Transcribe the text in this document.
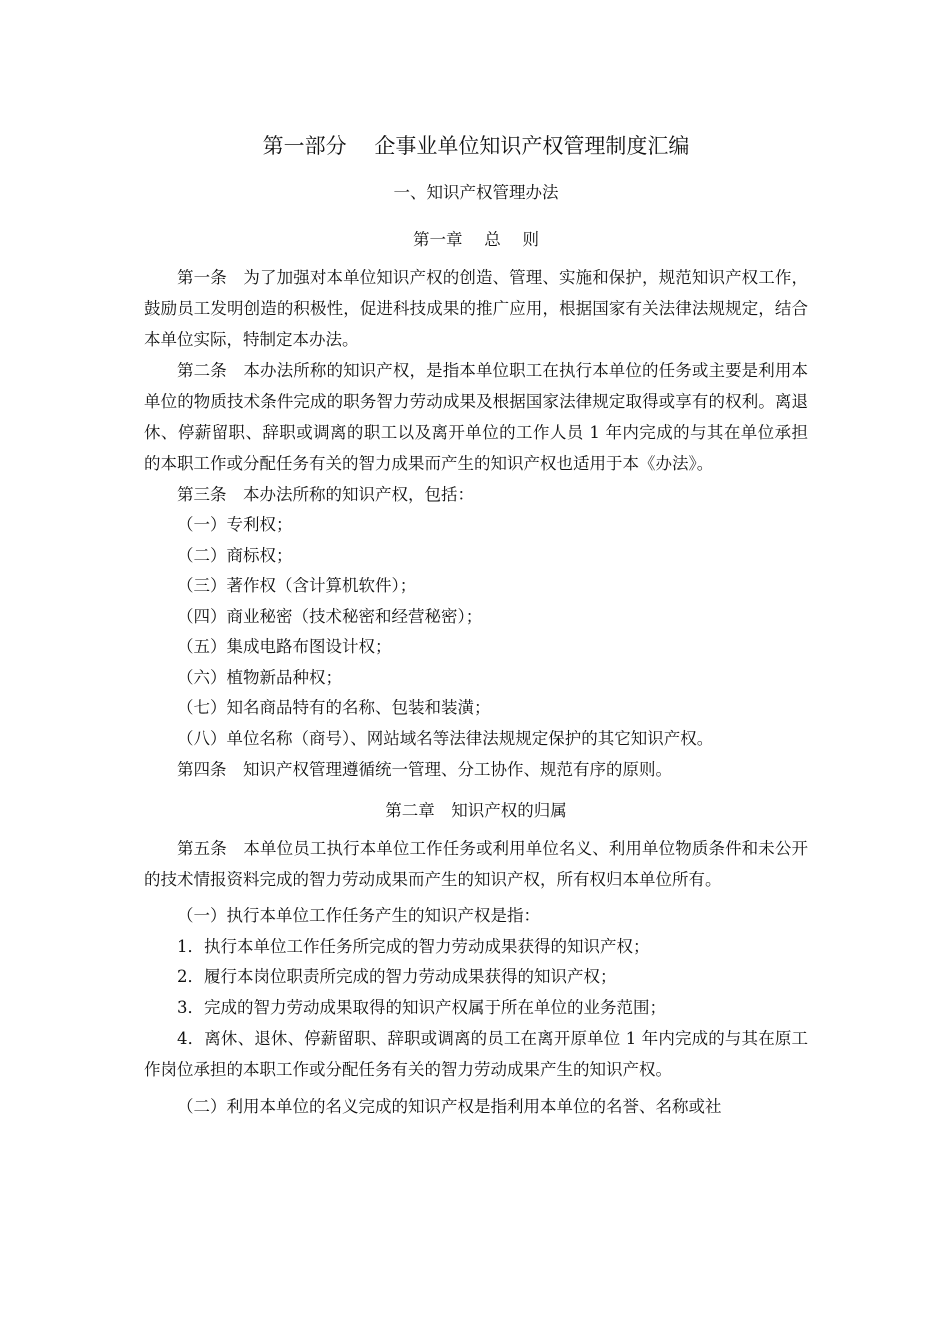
第一部分　 企事业单位知识产权管理制度汇编
一、知识产权管理办法
第一章　 总　 则

第一条　为了加强对本单位知识产权的创造、管理、实施和保护，规范知识产权工作，鼓励员工发明创造的积极性，促进科技成果的推广应用，根据国家有关法律法规规定，结合本单位实际，特制定本办法。

第二条　本办法所称的知识产权，是指本单位职工在执行本单位的任务或主要是利用本单位的物质技术条件完成的职务智力劳动成果及根据国家法律规定取得或享有的权利。离退休、停薪留职、辞职或调离的职工以及离开单位的工作人员 1 年内完成的与其在单位承担的本职工作或分配任务有关的智力成果而产生的知识产权也适用于本《办法》。

第三条　本办法所称的知识产权，包括：

（一）专利权；

（二）商标权；

（三）著作权（含计算机软件）；

（四）商业秘密（技术秘密和经营秘密）；

（五）集成电路布图设计权；

（六）植物新品种权；

（七）知名商品特有的名称、包装和装潢；

（八）单位名称（商号）、网站域名等法律法规规定保护的其它知识产权。

第四条　知识产权管理遵循统一管理、分工协作、规范有序的原则。

第二章　知识产权的归属

第五条　本单位员工执行本单位工作任务或利用单位名义、利用单位物质条件和未公开的技术情报资料完成的智力劳动成果而产生的知识产权，所有权归本单位所有。

（一）执行本单位工作任务产生的知识产权是指：

1．执行本单位工作任务所完成的智力劳动成果获得的知识产权；

2．履行本岗位职责所完成的智力劳动成果获得的知识产权；

3．完成的智力劳动成果取得的知识产权属于所在单位的业务范围；

4．离休、退休、停薪留职、辞职或调离的员工在离开原单位 1 年内完成的与其在原工作岗位承担的本职工作或分配任务有关的智力劳动成果产生的知识产权。

（二）利用本单位的名义完成的知识产权是指利用本单位的名誉、名称或社
